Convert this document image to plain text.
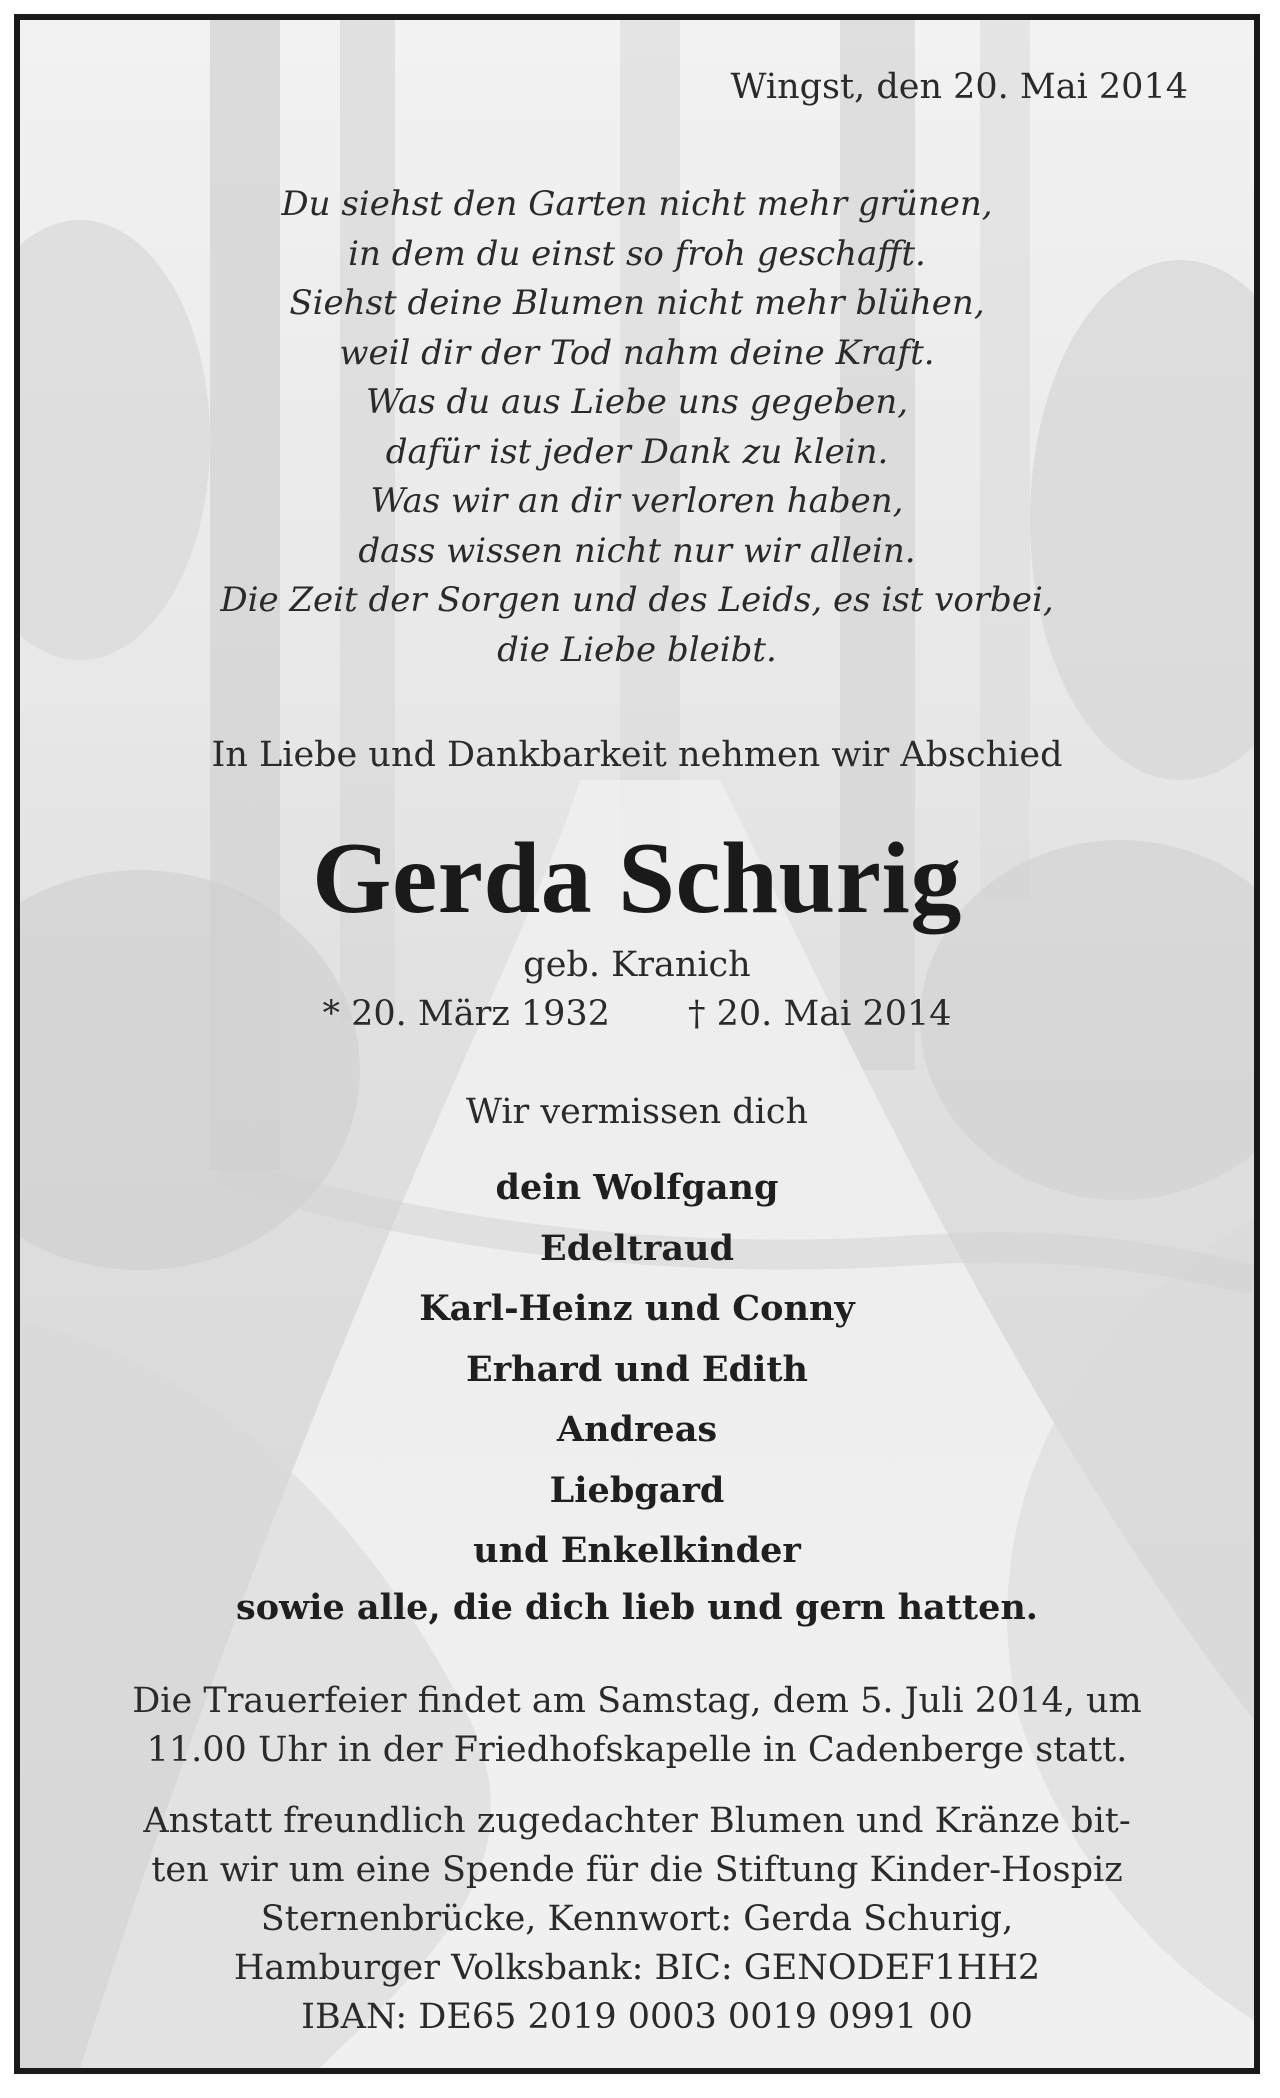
Wingst, den 20. Mai 2014
Du siehst den Garten nicht mehr grünen,
in dem du einst so froh geschafft.
Siehst deine Blumen nicht mehr blühen,
weil dir der Tod nahm deine Kraft.
Was du aus Liebe uns gegeben,
dafür ist jeder Dank zu klein.
Was wir an dir verloren haben,
dass wissen nicht nur wir allein.
Die Zeit der Sorgen und des Leids, es ist vorbei,
die Liebe bleibt.
In Liebe und Dankbarkeit nehmen wir Abschied
Gerda Schurig
geb. Kranich
* 20. März 1932 † 20. Mai 2014
Wir vermissen dich
dein Wolfgang
Edeltraud
Karl-Heinz und Conny
Erhard und Edith
Andreas
Liebgard
und Enkelkinder
sowie alle, die dich lieb und gern hatten.
Die Trauerfeier findet am Samstag, dem 5. Juli 2014, um
11.00 Uhr in der Friedhofskapelle in Cadenberge statt.
Anstatt freundlich zugedachter Blumen und Kränze bit-
ten wir um eine Spende für die Stiftung Kinder-Hospiz
Sternenbrücke, Kennwort: Gerda Schurig,
Hamburger Volksbank: BIC: GENODEF1HH2
IBAN: DE65 2019 0003 0019 0991 00
